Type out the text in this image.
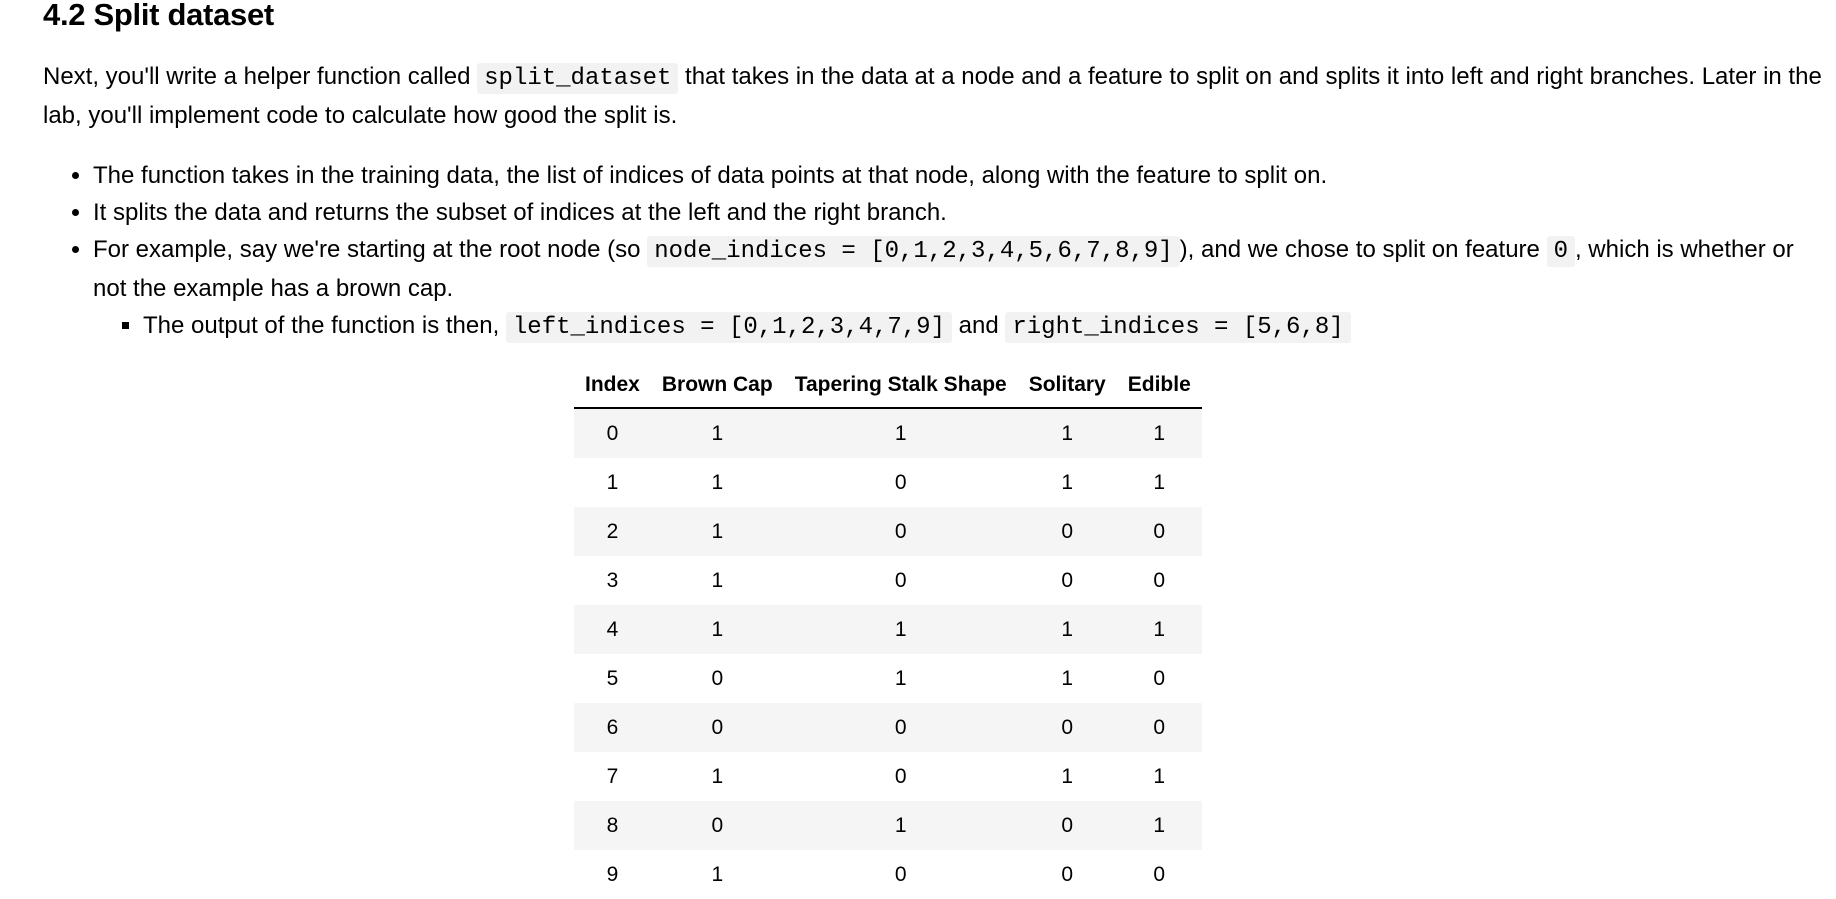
4.2 Split dataset

Next, you'll write a helper function called split_dataset that takes in the data at a node and a feature to split on and splits it into left and right branches. Later in the lab, you'll implement code to calculate how good the split is.

• The function takes in the training data, the list of indices of data points at that node, along with the feature to split on.
• It splits the data and returns the subset of indices at the left and the right branch.
• For example, say we're starting at the root node (so node_indices = [0,1,2,3,4,5,6,7,8,9] ), and we chose to split on feature 0 , which is whether or not the example has a brown cap.
▪ The output of the function is then, left_indices = [0,1,2,3,4,7,9] and right_indices = [5,6,8]
Index	Brown Cap	Tapering Stalk Shape	Solitary	Edible
0	1	1	1	1
1	1	0	1	1
2	1	0	0	0
3	1	0	0	0
4	1	1	1	1
5	0	1	1	0
6	0	0	0	0
7	1	0	1	1
8	0	1	0	1
9	1	0	0	0
